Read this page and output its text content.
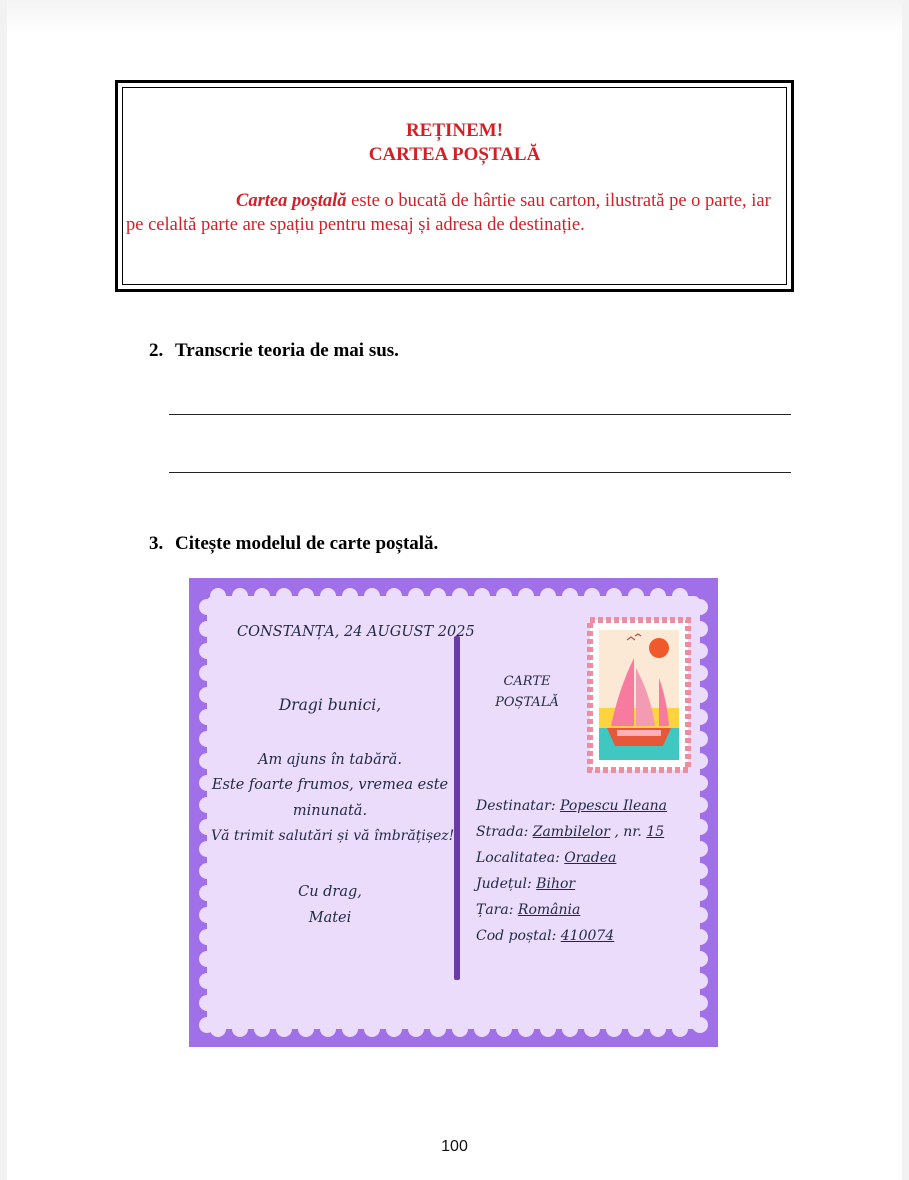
REȚINEM!
CARTEA POȘTALĂ
Cartea poștală este o bucată de hârtie sau carton, ilustrată pe o parte, iar pe celaltă parte are spațiu pentru mesaj și adresa de destinație.
2. Transcrie teoria de mai sus.
3. Citește modelul de carte poștală.
CONSTANȚA, 24 AUGUST 2025
Dragi bunici,
Am ajuns în tabără.
Este foarte frumos, vremea este
minunată.
Vă trimit salutări și vă îmbrățișez!
Cu drag,
Matei
CARTE
POȘTALĂ
Destinatar: Popescu Ileana
Strada: Zambilelor , nr. 15
Localitatea: Oradea
Județul: Bihor
Țara: România
Cod poștal: 410074
100
